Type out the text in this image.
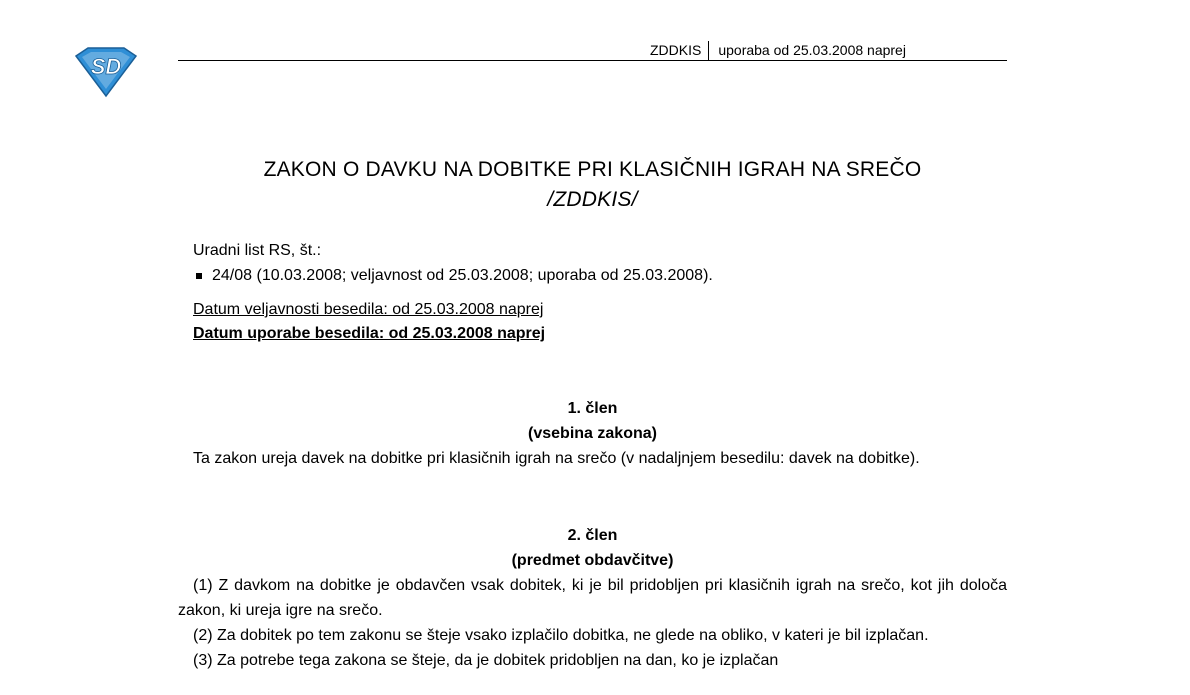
SD
ZDDKIS uporaba od 25.03.2008 naprej
ZAKON O DAVKU NA DOBITKE PRI KLASIČNIH IGRAH NA SREČO
/ZDDKIS/
Uradni list RS, št.:
24/08 (10.03.2008; veljavnost od 25.03.2008; uporaba od 25.03.2008).
Datum veljavnosti besedila: od 25.03.2008 naprej
Datum uporabe besedila: od 25.03.2008 naprej
1. člen
(vsebina zakona)

Ta zakon ureja davek na dobitke pri klasičnih igrah na srečo (v nadaljnjem besedilu: davek na dobitke).

2. člen
(predmet obdavčitve)

(1) Z davkom na dobitke je obdavčen vsak dobitek, ki je bil pridobljen pri klasičnih igrah na srečo, kot jih določa zakon, ki ureja igre na srečo.

(2) Za dobitek po tem zakonu se šteje vsako izplačilo dobitka, ne glede na obliko, v kateri je bil izplačan.

(3) Za potrebe tega zakona se šteje, da je dobitek pridobljen na dan, ko je izplačan
